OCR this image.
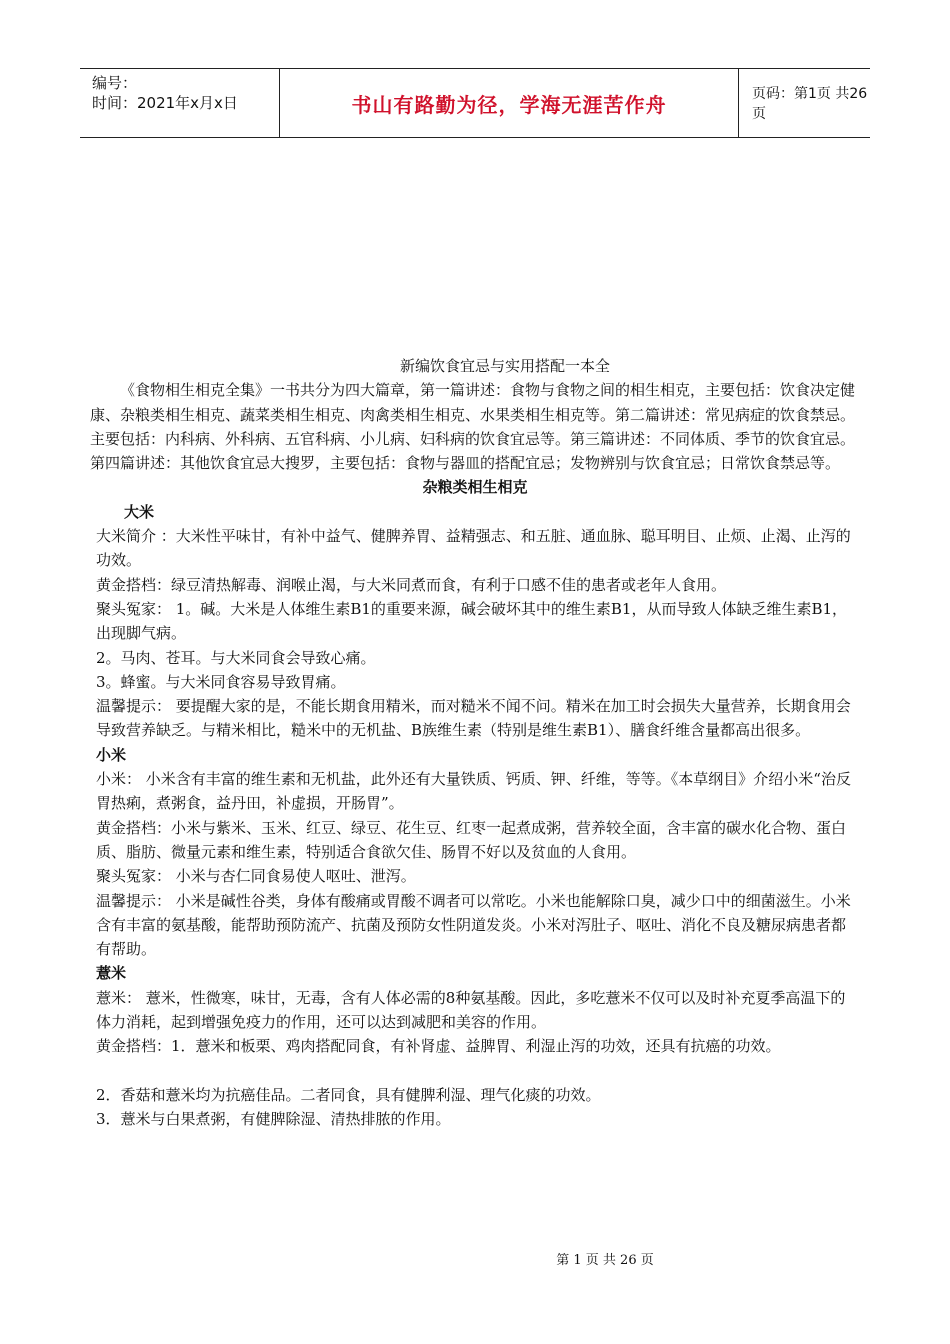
编号：
时间：2021年x月x日	书山有路勤为径，学海无涯苦作舟	页码：第1页 共26页

新编饮食宜忌与实用搭配一本全

《食物相生相克全集》一书共分为四大篇章，第一篇讲述：食物与食物之间的相生相克，主要包括：饮食决定健康、杂粮类相生相克、蔬菜类相生相克、肉禽类相生相克、水果类相生相克等。第二篇讲述：常见病症的饮食禁忌。主要包括：内科病、外科病、五官科病、小儿病、妇科病的饮食宜忌等。第三篇讲述：不同体质、季节的饮食宜忌。第四篇讲述：其他饮食宜忌大搜罗，主要包括：食物与器皿的搭配宜忌；发物辨别与饮食宜忌；日常饮食禁忌等。

杂粮类相生相克

大米

大米简介 ：大米性平味甘，有补中益气、健脾养胃、益精强志、和五脏、通血脉、聪耳明目、止烦、止渴、止泻的功效。

黄金搭档：绿豆清热解毒、润喉止渴，与大米同煮而食，有利于口感不佳的患者或老年人食用。

聚头冤家： 1。碱。大米是人体维生素B1的重要来源，碱会破坏其中的维生素B1，从而导致人体缺乏维生素B1，出现脚气病。

2。马肉、苍耳。与大米同食会导致心痛。

3。蜂蜜。与大米同食容易导致胃痛。

温馨提示： 要提醒大家的是，不能长期食用精米，而对糙米不闻不问。精米在加工时会损失大量营养，长期食用会导致营养缺乏。与精米相比，糙米中的无机盐、B族维生素（特别是维生素B1）、膳食纤维含量都高出很多。

小米

小米： 小米含有丰富的维生素和无机盐，此外还有大量铁质、钙质、钾、纤维，等等。《本草纲目》介绍小米“治反胃热痢，煮粥食，益丹田，补虚损，开肠胃”。

黄金搭档：小米与紫米、玉米、红豆、绿豆、花生豆、红枣一起煮成粥，营养较全面，含丰富的碳水化合物、蛋白质、脂肪、微量元素和维生素，特别适合食欲欠佳、肠胃不好以及贫血的人食用。

聚头冤家： 小米与杏仁同食易使人呕吐、泄泻。

温馨提示： 小米是碱性谷类，身体有酸痛或胃酸不调者可以常吃。小米也能解除口臭，减少口中的细菌滋生。小米含有丰富的氨基酸，能帮助预防流产、抗菌及预防女性阴道发炎。小米对泻肚子、呕吐、消化不良及糖尿病患者都有帮助。

薏米

薏米： 薏米，性微寒，味甘，无毒，含有人体必需的8种氨基酸。因此，多吃薏米不仅可以及时补充夏季高温下的体力消耗，起到增强免疫力的作用，还可以达到减肥和美容的作用。

黄金搭档：1．薏米和板栗、鸡肉搭配同食，有补肾虚、益脾胃、利湿止泻的功效，还具有抗癌的功效。

2．香菇和薏米均为抗癌佳品。二者同食，具有健脾利湿、理气化痰的功效。

3．薏米与白果煮粥，有健脾除湿、清热排脓的作用。

第 1 页 共 26 页
